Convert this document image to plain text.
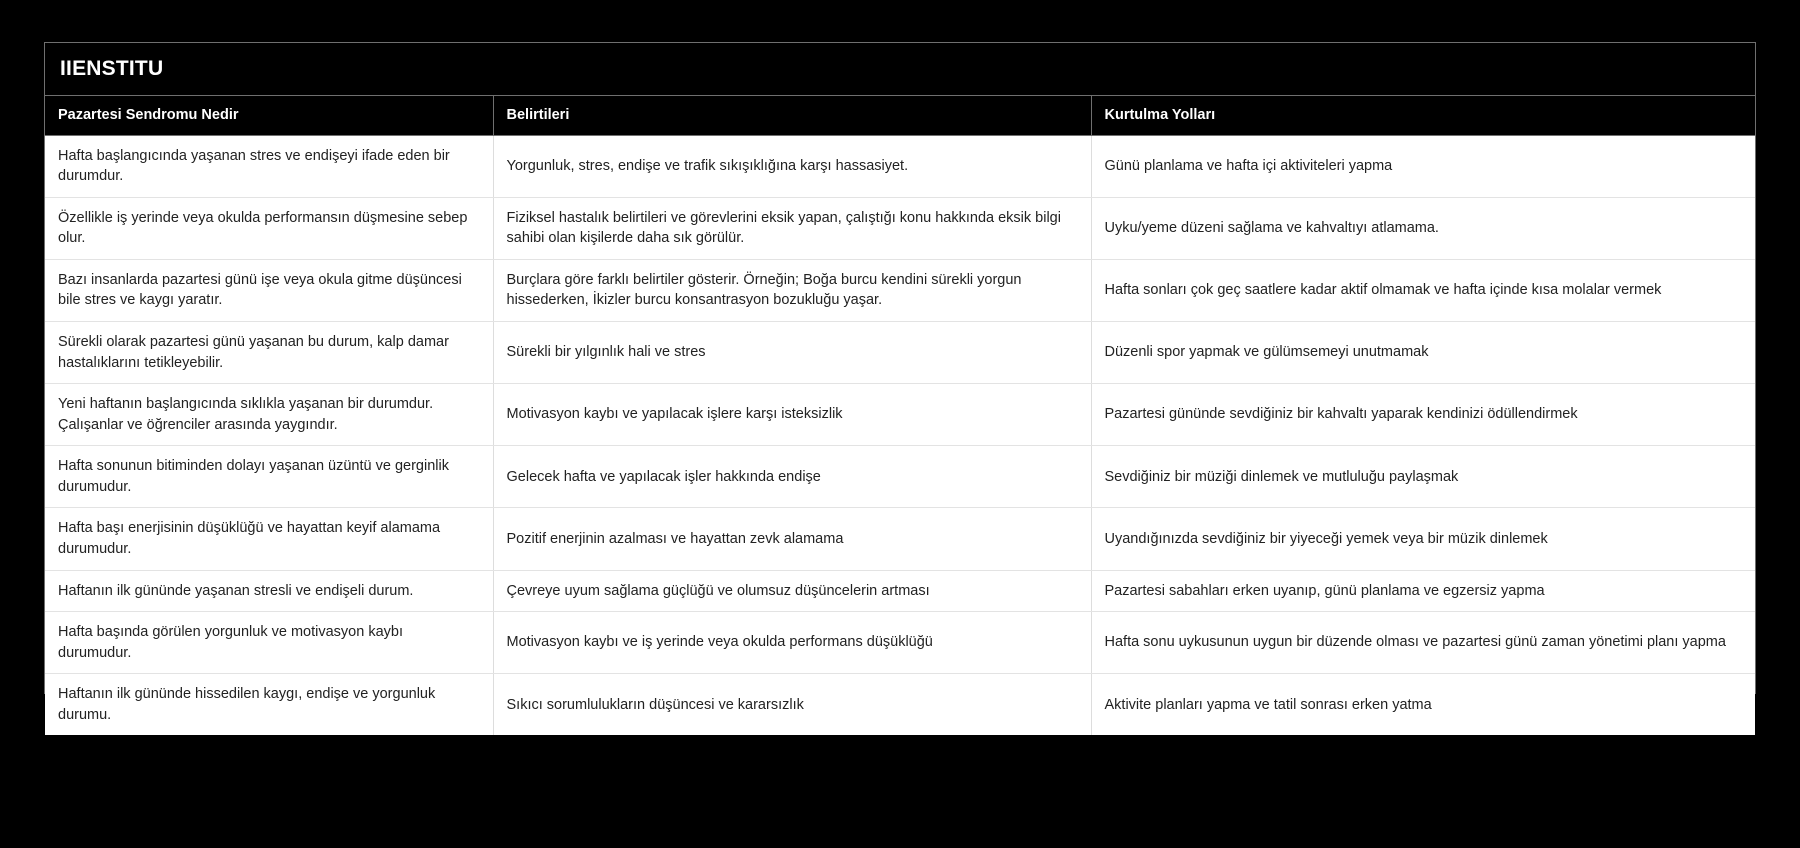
IIENSTITU
Pazartesi Sendromu Nedir	Belirtileri	Kurtulma Yolları
Hafta başlangıcında yaşanan stres ve endişeyi ifade eden bir durumdur.	Yorgunluk, stres, endişe ve trafik sıkışıklığına karşı hassasiyet.	Günü planlama ve hafta içi aktiviteleri yapma
Özellikle iş yerinde veya okulda performansın düşmesine sebep olur.	Fiziksel hastalık belirtileri ve görevlerini eksik yapan, çalıştığı konu hakkında eksik bilgi sahibi olan kişilerde daha sık görülür.	Uyku/yeme düzeni sağlama ve kahvaltıyı atlamama.
Bazı insanlarda pazartesi günü işe veya okula gitme düşüncesi bile stres ve kaygı yaratır.	Burçlara göre farklı belirtiler gösterir. Örneğin; Boğa burcu kendini sürekli yorgun hissederken, İkizler burcu konsantrasyon bozukluğu yaşar.	Hafta sonları çok geç saatlere kadar aktif olmamak ve hafta içinde kısa molalar vermek
Sürekli olarak pazartesi günü yaşanan bu durum, kalp damar hastalıklarını tetikleyebilir.	Sürekli bir yılgınlık hali ve stres	Düzenli spor yapmak ve gülümsemeyi unutmamak
Yeni haftanın başlangıcında sıklıkla yaşanan bir durumdur. Çalışanlar ve öğrenciler arasında yaygındır.	Motivasyon kaybı ve yapılacak işlere karşı isteksizlik	Pazartesi gününde sevdiğiniz bir kahvaltı yaparak kendinizi ödüllendirmek
Hafta sonunun bitiminden dolayı yaşanan üzüntü ve gerginlik durumudur.	Gelecek hafta ve yapılacak işler hakkında endişe	Sevdiğiniz bir müziği dinlemek ve mutluluğu paylaşmak
Hafta başı enerjisinin düşüklüğü ve hayattan keyif alamama durumudur.	Pozitif enerjinin azalması ve hayattan zevk alamama	Uyandığınızda sevdiğiniz bir yiyeceği yemek veya bir müzik dinlemek
Haftanın ilk gününde yaşanan stresli ve endişeli durum.	Çevreye uyum sağlama güçlüğü ve olumsuz düşüncelerin artması	Pazartesi sabahları erken uyanıp, günü planlama ve egzersiz yapma
Hafta başında görülen yorgunluk ve motivasyon kaybı durumudur.	Motivasyon kaybı ve iş yerinde veya okulda performans düşüklüğü	Hafta sonu uykusunun uygun bir düzende olması ve pazartesi günü zaman yönetimi planı yapma
Haftanın ilk gününde hissedilen kaygı, endişe ve yorgunluk durumu.	Sıkıcı sorumlulukların düşüncesi ve kararsızlık	Aktivite planları yapma ve tatil sonrası erken yatma
